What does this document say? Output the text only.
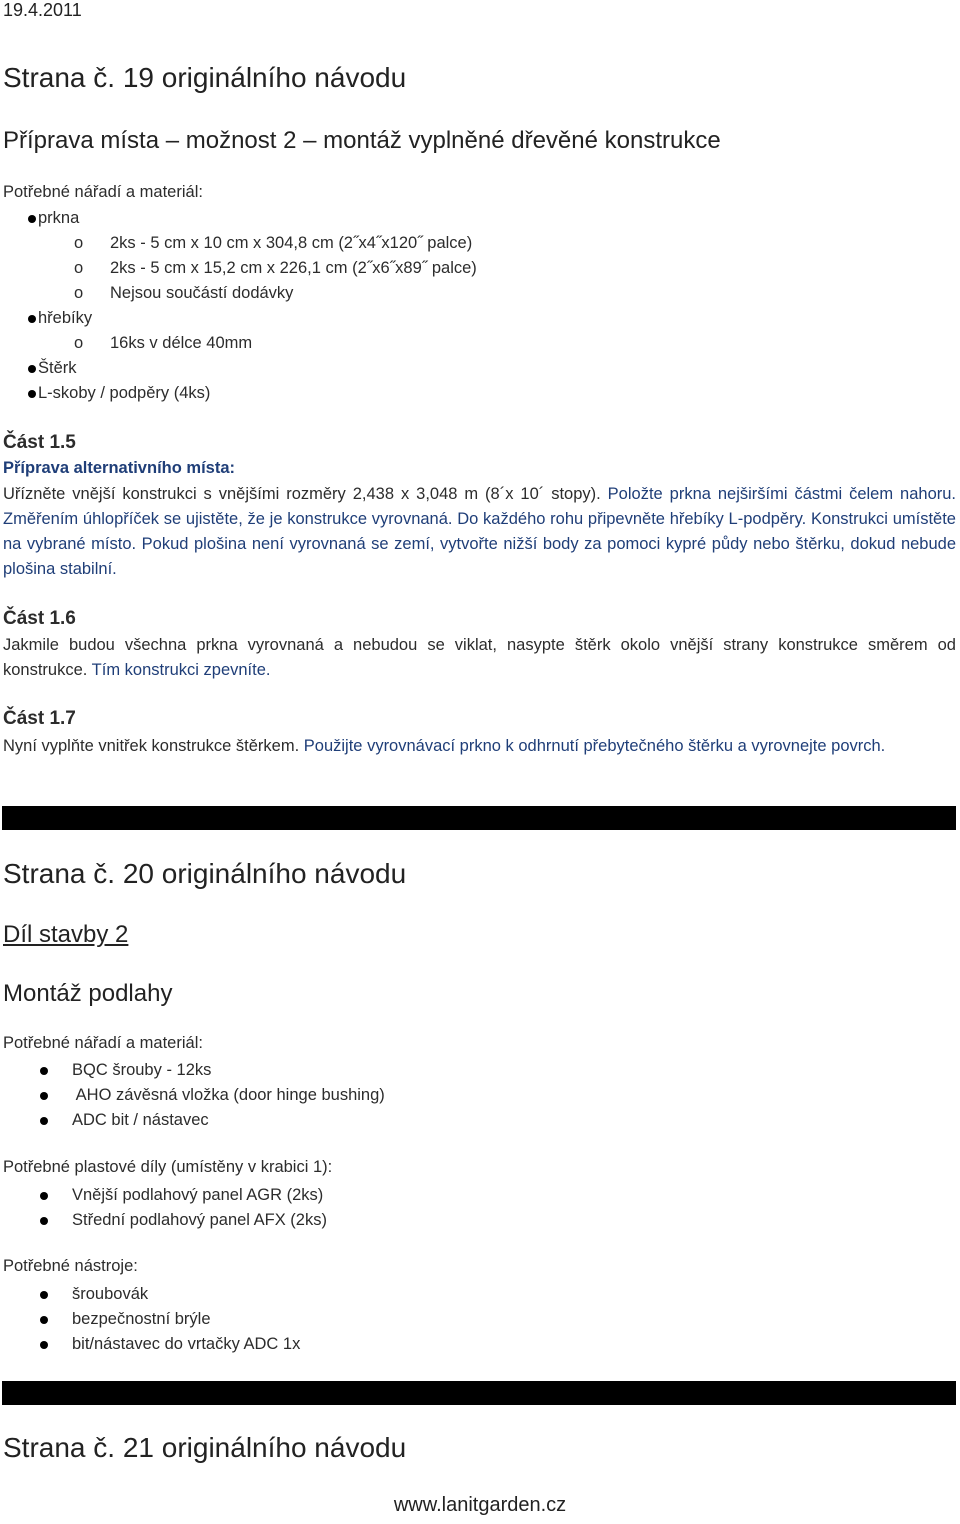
19.4.2011
Strana č. 19 originálního návodu
Příprava místa – možnost 2 – montáž vyplněné dřevěné konstrukce
Potřebné nářadí a materiál:
prkna
o 2ks - 5 cm x 10 cm x 304,8 cm (2˝x4˝x120˝ palce)
o 2ks - 5 cm x 15,2 cm x 226,1 cm (2˝x6˝x89˝ palce)
o Nejsou součástí dodávky
hřebíky
o 16ks v délce 40mm
Štěrk
L-skoby / podpěry (4ks)
Část 1.5
Příprava alternativního místa:
Uřízněte vnější konstrukci s vnějšími rozměry 2,438 x 3,048 m (8´x 10´ stopy). Položte prkna nejširšími částmi čelem nahoru. Změřením úhlopříček se ujistěte, že je konstrukce vyrovnaná. Do každého rohu připevněte hřebíky L-podpěry. Konstrukci umístěte na vybrané místo. Pokud plošina není vyrovnaná se zemí, vytvořte nižší body za pomoci kypré půdy nebo štěrku, dokud nebude plošina stabilní.
Část 1.6
Jakmile budou všechna prkna vyrovnaná a nebudou se viklat, nasypte štěrk okolo vnější strany konstrukce směrem od konstrukce. Tím konstrukci zpevníte.
Část 1.7
Nyní vyplňte vnitřek konstrukce štěrkem. Použijte vyrovnávací prkno k odhrnutí přebytečného štěrku a vyrovnejte povrch.
Strana č. 20 originálního návodu
Díl stavby 2
Montáž podlahy
Potřebné nářadí a materiál:
BQC šrouby - 12ks
AHO závěsná vložka (door hinge bushing)
ADC bit / nástavec
Potřebné plastové díly (umístěny v krabici 1):
Vnější podlahový panel AGR (2ks)
Střední podlahový panel AFX (2ks)
Potřebné nástroje:
šroubovák
bezpečnostní brýle
bit/nástavec do vrtačky ADC 1x
Strana č. 21 originálního návodu
www.lanitgarden.cz
